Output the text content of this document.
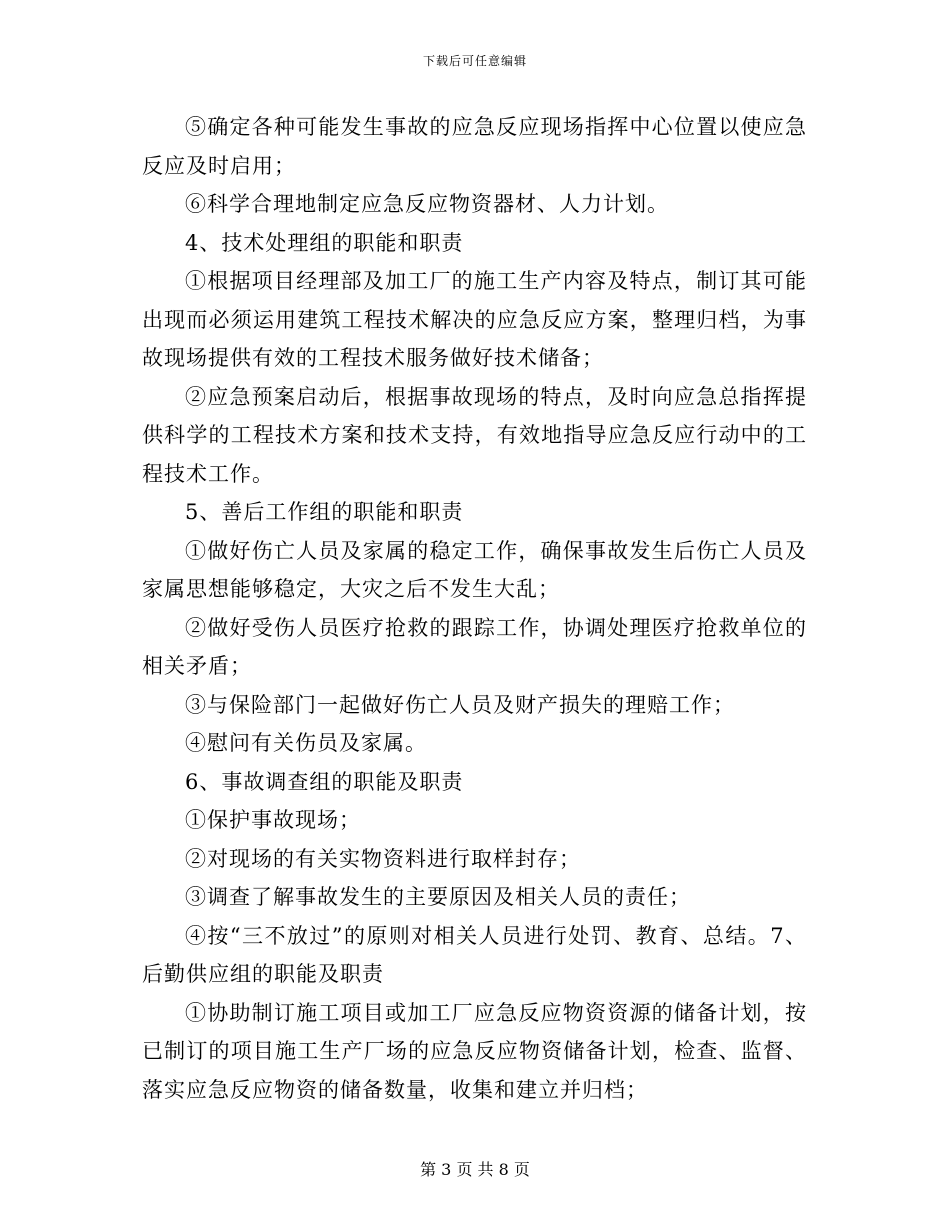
下载后可任意编辑

⑤确定各种可能发生事故的应急反应现场指挥中心位置以使应急反应及时启用；

⑥科学合理地制定应急反应物资器材、人力计划。

4、技术处理组的职能和职责

①根据项目经理部及加工厂的施工生产内容及特点，制订其可能出现而必须运用建筑工程技术解决的应急反应方案，整理归档，为事故现场提供有效的工程技术服务做好技术储备；

②应急预案启动后，根据事故现场的特点，及时向应急总指挥提供科学的工程技术方案和技术支持，有效地指导应急反应行动中的工程技术工作。

5、善后工作组的职能和职责

①做好伤亡人员及家属的稳定工作，确保事故发生后伤亡人员及家属思想能够稳定，大灾之后不发生大乱；

②做好受伤人员医疗抢救的跟踪工作，协调处理医疗抢救单位的相关矛盾；

③与保险部门一起做好伤亡人员及财产损失的理赔工作；

④慰问有关伤员及家属。

6、事故调查组的职能及职责

①保护事故现场；

②对现场的有关实物资料进行取样封存；

③调查了解事故发生的主要原因及相关人员的责任；

④按“三不放过”的原则对相关人员进行处罚、教育、总结。7、后勤供应组的职能及职责

①协助制订施工项目或加工厂应急反应物资资源的储备计划，按已制订的项目施工生产厂场的应急反应物资储备计划，检查、监督、落实应急反应物资的储备数量，收集和建立并归档；

第 3 页 共 8 页
